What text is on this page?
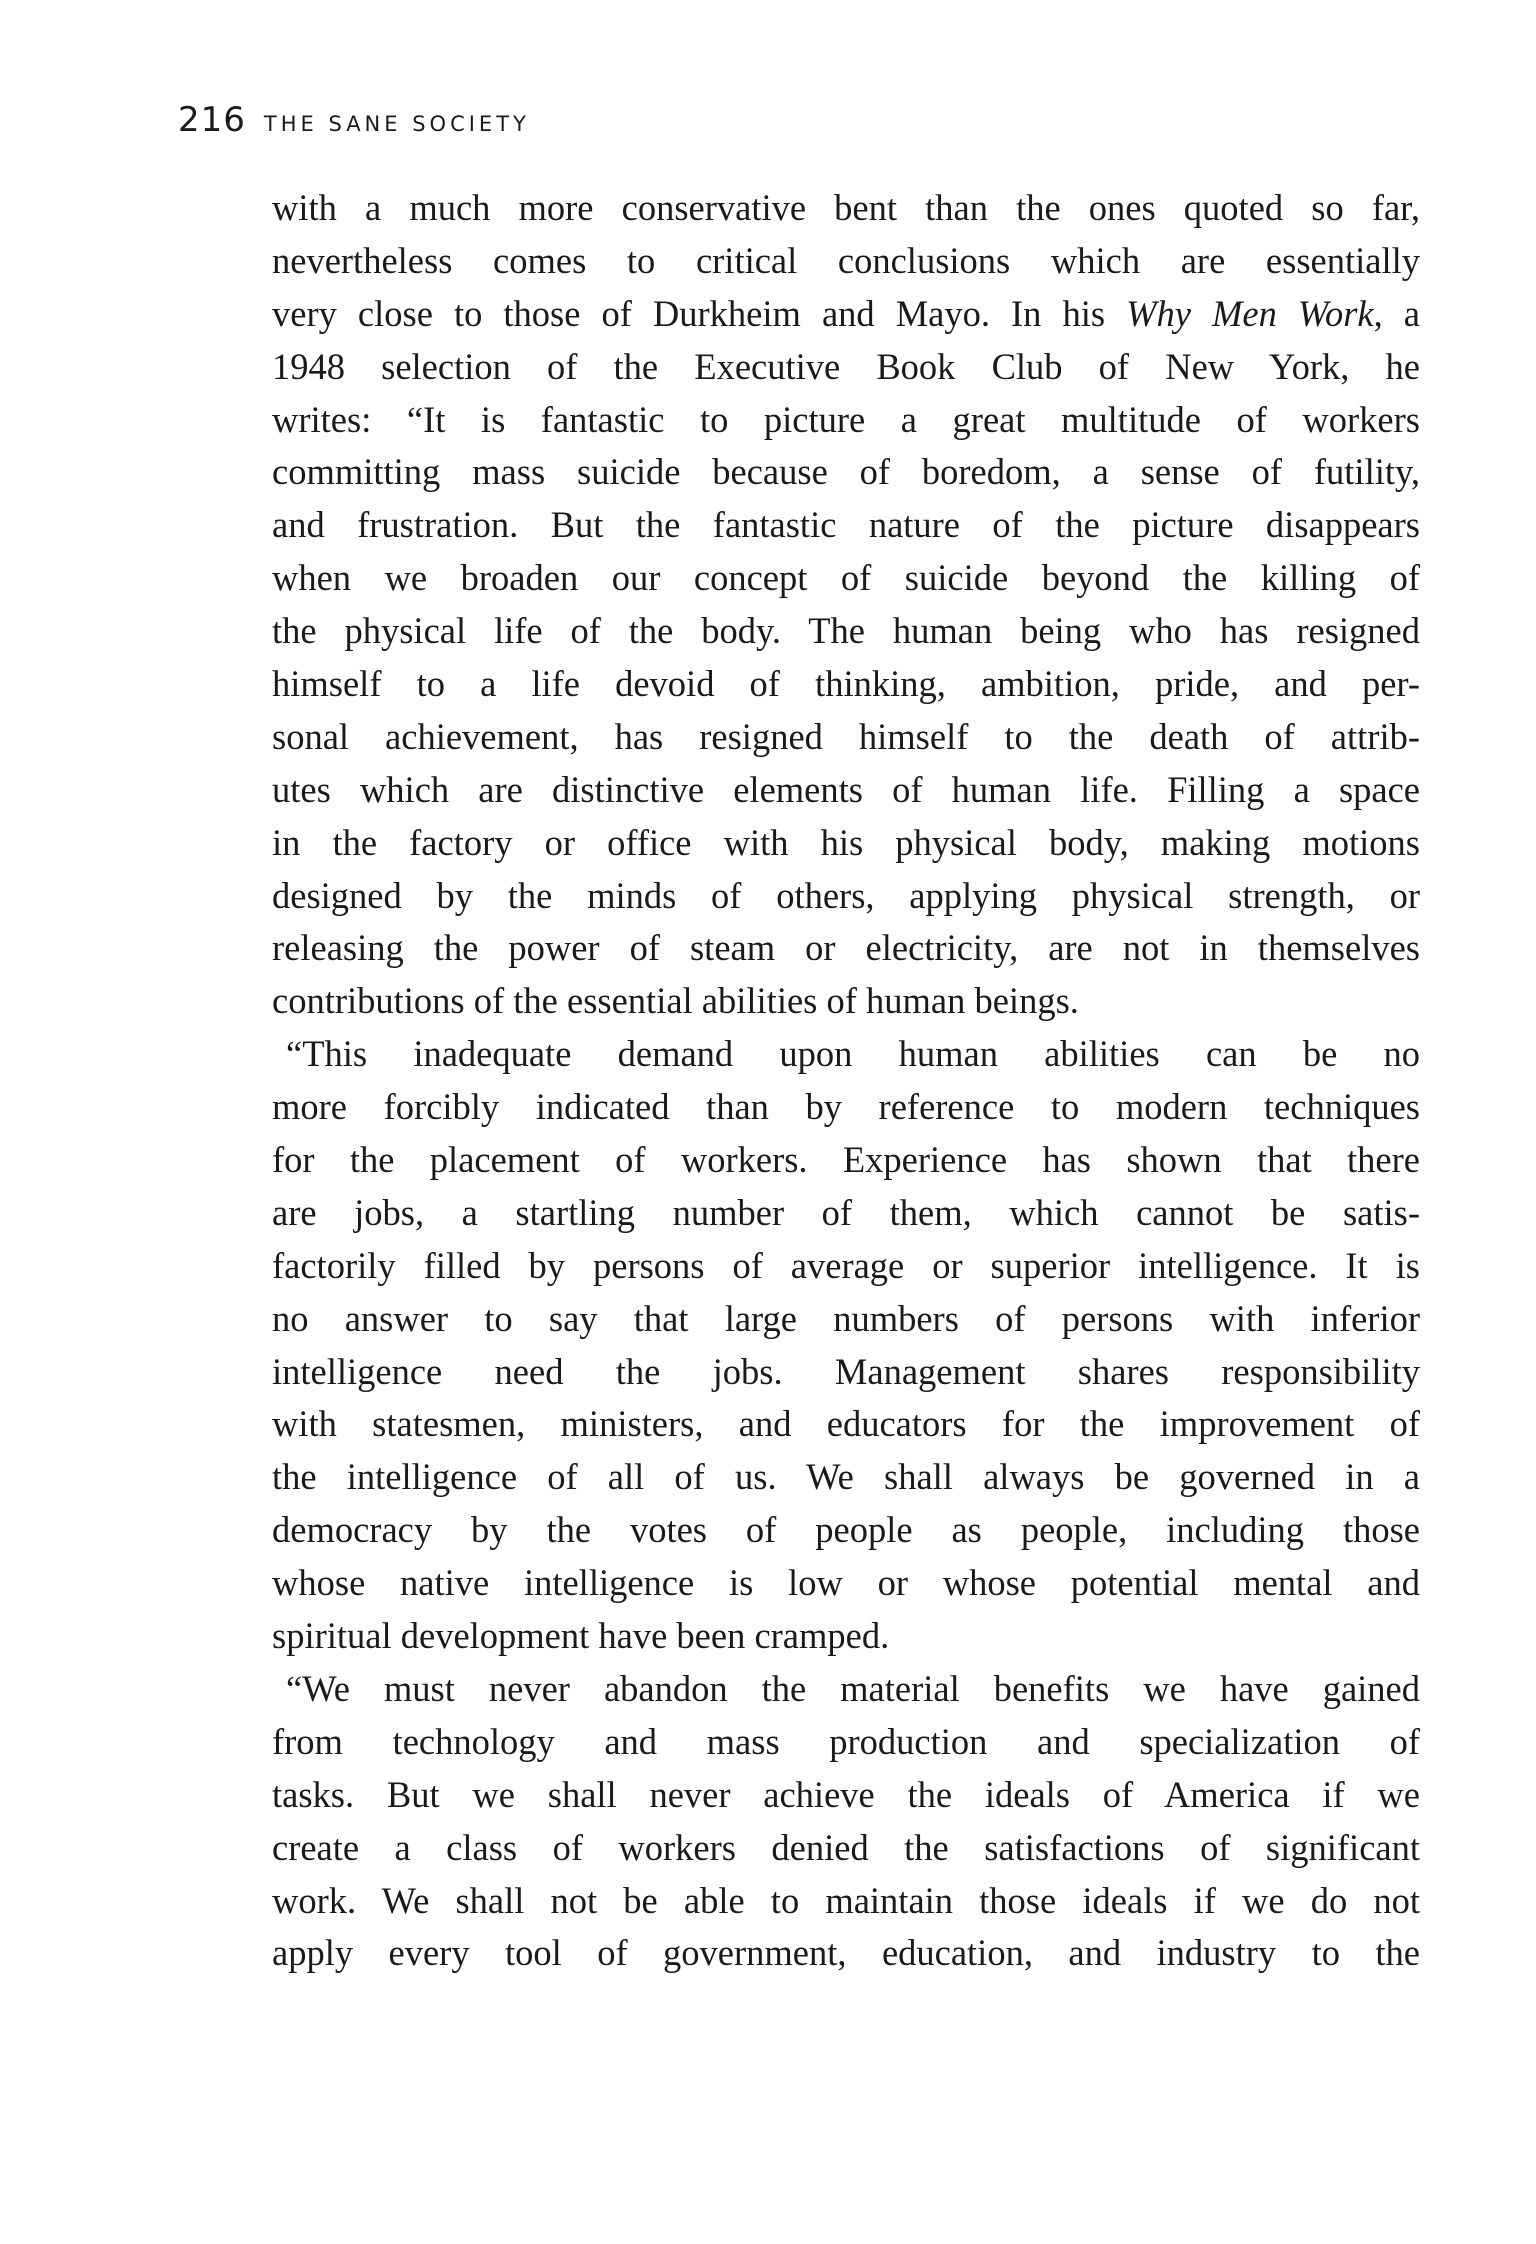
216 THE SANE SOCIETY
with a much more conservative bent than the ones quoted so far,
nevertheless comes to critical conclusions which are essentially
very close to those of Durkheim and Mayo. In his Why Men Work, a
1948 selection of the Executive Book Club of New York, he
writes: “It is fantastic to picture a great multitude of workers
committing mass suicide because of boredom, a sense of futility,
and frustration. But the fantastic nature of the picture disappears
when we broaden our concept of suicide beyond the killing of
the physical life of the body. The human being who has resigned
himself to a life devoid of thinking, ambition, pride, and per-
sonal achievement, has resigned himself to the death of attrib-
utes which are distinctive elements of human life. Filling a space
in the factory or office with his physical body, making motions
designed by the minds of others, applying physical strength, or
releasing the power of steam or electricity, are not in themselves
contributions of the essential abilities of human beings.
“This inadequate demand upon human abilities can be no
more forcibly indicated than by reference to modern techniques
for the placement of workers. Experience has shown that there
are jobs, a startling number of them, which cannot be satis-
factorily filled by persons of average or superior intelligence. It is
no answer to say that large numbers of persons with inferior
intelligence need the jobs. Management shares responsibility
with statesmen, ministers, and educators for the improvement of
the intelligence of all of us. We shall always be governed in a
democracy by the votes of people as people, including those
whose native intelligence is low or whose potential mental and
spiritual development have been cramped.
“We must never abandon the material benefits we have gained
from technology and mass production and specialization of
tasks. But we shall never achieve the ideals of America if we
create a class of workers denied the satisfactions of significant
work. We shall not be able to maintain those ideals if we do not
apply every tool of government, education, and industry to the
